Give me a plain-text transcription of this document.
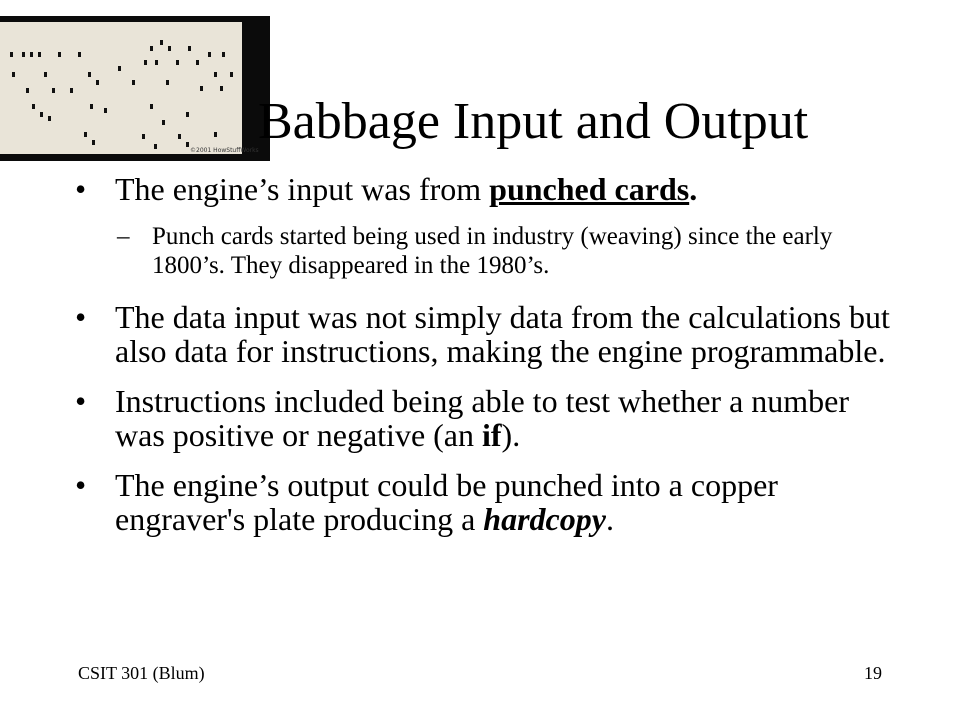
©2001 HowStuffWorks
Babbage Input and Output
• The engine’s input was from punched cards.
– Punch cards started being used in industry (weaving) since the early 1800’s. They disappeared in the 1980’s.
• The data input was not simply data from the calculations but also data for instructions, making the engine programmable.
• Instructions included being able to test whether a number was positive or negative (an if).
• The engine’s output could be punched into a copper engraver's plate producing a hardcopy.
CSIT 301 (Blum)	19
